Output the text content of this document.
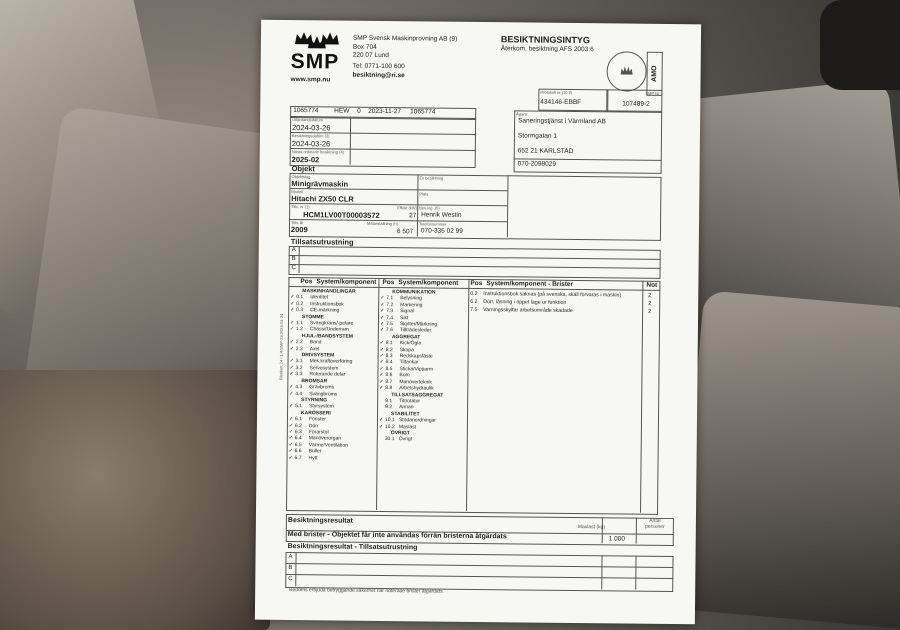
SMP
www.smp.nu
SMP Svensk Maskinprovning AB (9)
Box 704
220 07 Lund
Tel: 0771-100 600
besiktning@ri.se
BESIKTNINGSINTYG
Återkom. besiktning AFS 2003:6
AMO
Protokoll nr (10 2)
434146-EBBF
SMP Nr
107489-2
1065774 HEW 0 2023-11-27 1065774
Utfärdandedatum
2024-03-26
Besiktningsdatum (3)
2024-03-26
Nästa ordinarie besiktning (4)
2025-02
Ägare
Saneringstjänst i Värmland AB
Stormgatan 1
652 21 KARLSTAD
070-2098029
Objekt
Objektslag
Minigrävmaskin
Ev besiktning
Plats
Modell
Hitachi ZX50 CLR
Tillv. nr (1)
HCM1LV00T00003572
Effekt (kW)
27
Bes.ing. (5)
Henrik Westin
Tillv. år
2009
Mätarställning (h)
6 507
Telefonnummer
070-335 02 99
Tillsatsutrustning
A
B
C
Pos System/komponent Pos System/komponent Pos System/komponent - Brister	Not
Blankett 24 / 1.4-SMP-24.2024-01-24
MASKINHANDLINGAR
✓ 0.1 Identitet
✓ 0.2 Instruktionsbok
✓ 0.3 CE-märkning
STOMME
✓ 1.1 Svängkrans/-pelare
✓ 1.2 Chassi/Underram
HJUL-/BANDSYSTEM
✓ 2.2 Band
✓ 2.3 Axel
DRIVSYSTEM
✓ 3.1 Mek.kraftöverföring
✓ 3.2 Servosystem
✓ 3.3 Roterande delar
BROMSAR
✓ 4.3 Grävbroms
✓ 4.4 Svängbroms
STYRNING
✓ 5.1 Styrsystem
KAROSSERI
✓ 6.1 Fönster
✓ 6.2 Dörr
✓ 6.3 Förarstol
✓ 6.4 Manöverorgan
✓ 6.5 Värme/Ventilation
✓ 6.6 Buller
✓ 6.7 Hytt
KOMMUNIKATION
✓ 7.1 Belysning
✓ 7.2 Markering
✓ 7.3 Signal
✓ 7.4 Sikt
✓ 7.5 Skylter/Märkning
✓ 7.6 Tillträdesleder
AGGREGAT
✓ 8.1 Kick/Ögla
✓ 8.2 Skopa
✓ 8.3 Redskapsfäste
✓ 8.4 Tiltankar
✓ 8.5 Sticka/Vipparm
✓ 8.6 Bom
✓ 8.7 Manöverteknik
✓ 8.8 Arbetshydraulik
TILLSATSAGGREGAT
9.1 Tiltrotator
9.2 Annan
STABILITET
✓ 10.1 Stödanordningar
✓ 10.2 Maslast
ÖVRIGT
30.1 Övrigt
0.2 Instruktionsbok saknas (på svenska, skall förvaras i maskin)	2
6.2 Dörr, låsning i öppet läge ur funktion	2
7.5 Varningsskyltar arbetsområde skadade	2
Besiktningsresultat
Maxlast (kg)
Antal personer
Med brister - Objektet får inte användas förrän bristerna åtgärdats	1 000
Besiktningsresultat - Tillsatsutrustning
A
B
C
Bedöms erbjuda betryggande säkerhet när noterade brister åtgärdats.
